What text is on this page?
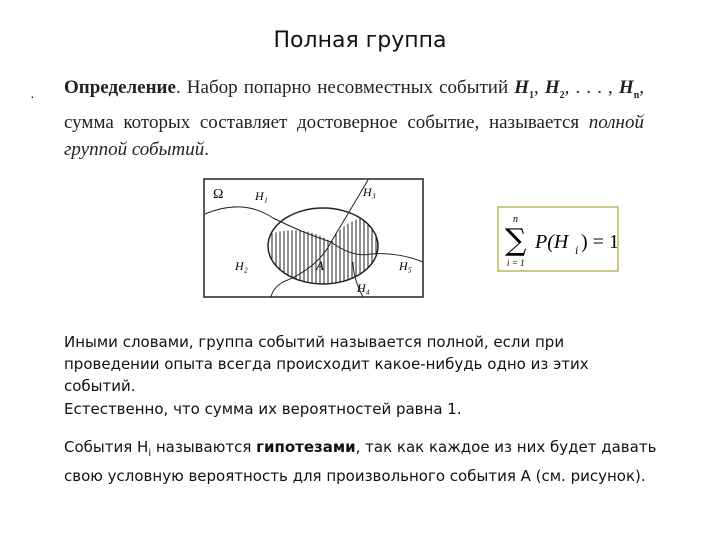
Полная группа
· Определение. Набор попарно несовместных событий $H_1$, $H_2$, . . . , $H_n$, сумма которых составляет достоверное событие, называется полной группой событий.
Ω	H₁
H₂
H₃
H₄
H₅
A
n
∑
i = 1
P(H i ) = 1
Иными словами, группа событий называется полной, если при проведении опыта всегда происходит какое-нибудь одно из этих событий.
Естественно, что сумма их вероятностей равна 1.
События $H_i$ называются гипотезами, так как каждое из них будет давать свою условную вероятность для произвольного события А (см. рисунок).
